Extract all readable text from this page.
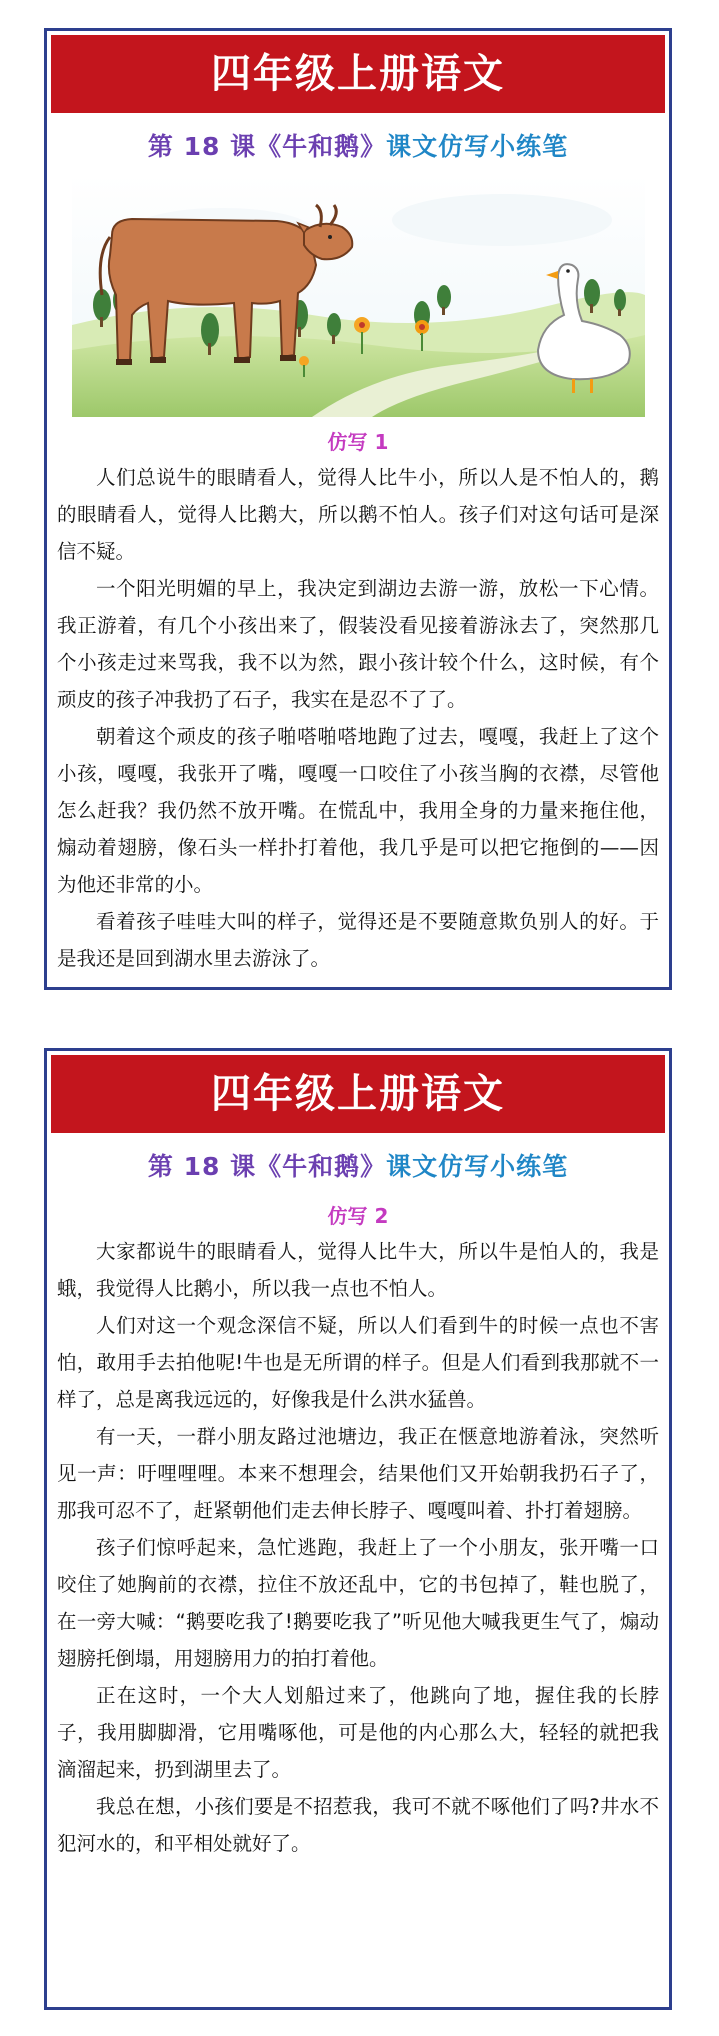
四年级上册语文
第 18 课《牛和鹅》课文仿写小练笔
仿写 1

人们总说牛的眼睛看人，觉得人比牛小，所以人是不怕人的，鹅的眼睛看人，觉得人比鹅大，所以鹅不怕人。孩子们对这句话可是深信不疑。

一个阳光明媚的早上，我决定到湖边去游一游，放松一下心情。我正游着，有几个小孩出来了，假装没看见接着游泳去了，突然那几个小孩走过来骂我，我不以为然，跟小孩计较个什么，这时候，有个顽皮的孩子冲我扔了石子，我实在是忍不了了。

朝着这个顽皮的孩子啪嗒啪嗒地跑了过去，嘎嘎，我赶上了这个小孩，嘎嘎，我张开了嘴，嘎嘎一口咬住了小孩当胸的衣襟，尽管他怎么赶我？我仍然不放开嘴。在慌乱中，我用全身的力量来拖住他，煽动着翅膀，像石头一样扑打着他，我几乎是可以把它拖倒的——因为他还非常的小。

看着孩子哇哇大叫的样子，觉得还是不要随意欺负别人的好。于是我还是回到湖水里去游泳了。

四年级上册语文
第 18 课《牛和鹅》课文仿写小练笔
仿写 2

大家都说牛的眼睛看人，觉得人比牛大，所以牛是怕人的，我是蛾，我觉得人比鹅小，所以我一点也不怕人。

人们对这一个观念深信不疑，所以人们看到牛的时候一点也不害怕，敢用手去拍他呢!牛也是无所谓的样子。但是人们看到我那就不一样了，总是离我远远的，好像我是什么洪水猛兽。

有一天，一群小朋友路过池塘边，我正在惬意地游着泳，突然听见一声：吁哩哩哩。本来不想理会，结果他们又开始朝我扔石子了，那我可忍不了，赶紧朝他们走去伸长脖子、嘎嘎叫着、扑打着翅膀。

孩子们惊呼起来，急忙逃跑，我赶上了一个小朋友，张开嘴一口咬住了她胸前的衣襟，拉住不放还乱中，它的书包掉了，鞋也脱了，在一旁大喊：“鹅要吃我了!鹅要吃我了”听见他大喊我更生气了，煽动翅膀托倒塌，用翅膀用力的拍打着他。

正在这时，一个大人划船过来了，他跳向了地，握住我的长脖子，我用脚脚滑，它用嘴啄他，可是他的内心那么大，轻轻的就把我滴溜起来，扔到湖里去了。

我总在想，小孩们要是不招惹我，我可不就不啄他们了吗?井水不犯河水的，和平相处就好了。
